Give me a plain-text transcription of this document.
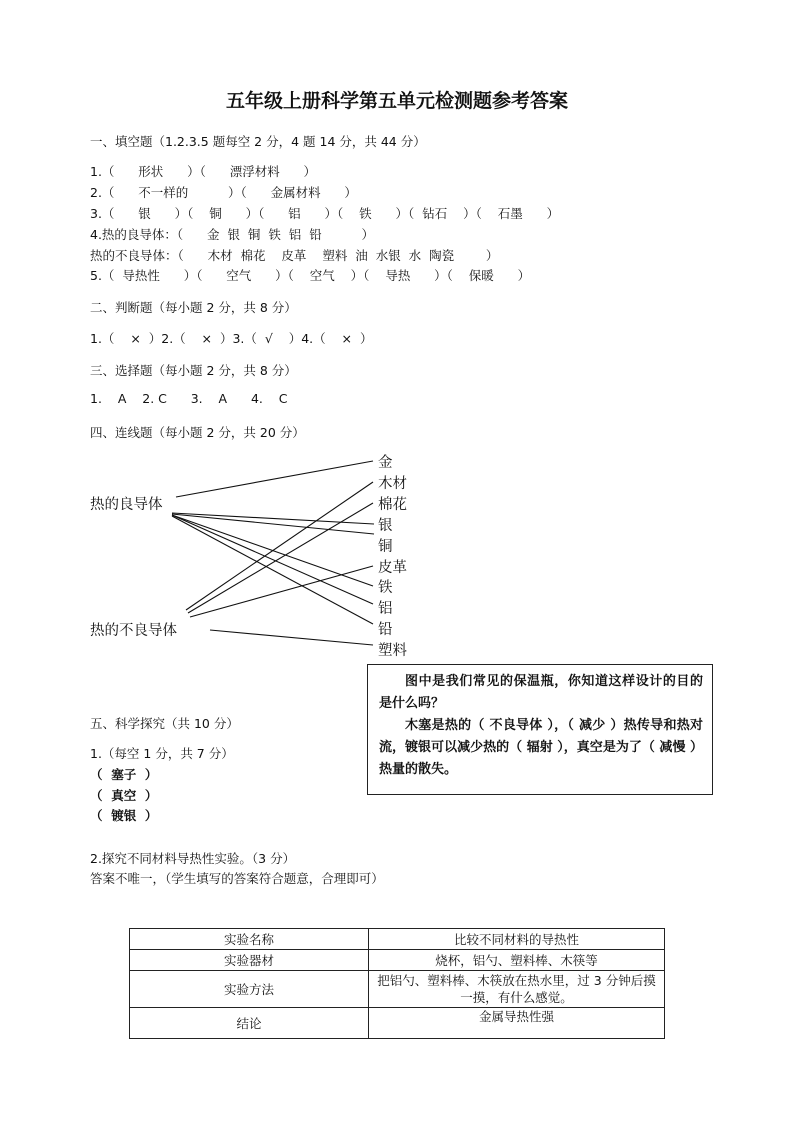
五年级上册科学第五单元检测题参考答案
一、填空题（1.2.3.5 题每空 2 分，4 题 14 分，共 44 分）
1.（      形状      ）（      漂浮材料      ）
2.（      不一样的          ）（      金属材料      ）
3.（      银      ）（    铜      ）（      铝      ）（    铁      ）（  钻石    ）（    石墨      ）
4.热的良导体：（      金  银  铜  铁  铝  铅          ）
热的不良导体：（      木材  棉花    皮革    塑料  油  水银  水  陶瓷        ）
5.（  导热性      ）（      空气      ）（    空气    ）（    导热      ）（    保暖      ）
二、判断题（每小题 2 分，共 8 分）
1.（    ×  ）2.（    ×  ）3.（  √    ）4.（    ×  ）
三、选择题（每小题 2 分，共 8 分）
1.    A    2. C      3.    A      4.    C
四、连线题（每小题 2 分，共 20 分）
热的良导体
热的不良导体
金
木材
棉花
银
铜
皮革
铁
铝
铅
塑料

图中是我们常见的保温瓶，你知道这样设计的目的是什么吗？

木塞是热的（ 不良导体 ），（ 减少 ）热传导和热对流，镀银可以减少热的（ 辐射 ），真空是为了（ 减慢 ）热量的散失。

五、科学探究（共 10 分）
1.（每空 1 分，共 7 分）
（  塞子  ）
（  真空  ）
（  镀银  ）
2.探究不同材料导热性实验。（3 分）
答案不唯一，（学生填写的答案符合题意，合理即可）
实验名称	比较不同材料的导热性
实验器材	烧杯，铝勺、塑料棒、木筷等
实验方法	把铝勺、塑料棒、木筷放在热水里，过 3 分钟后摸一摸，有什么感觉。
结论	金属导热性强
